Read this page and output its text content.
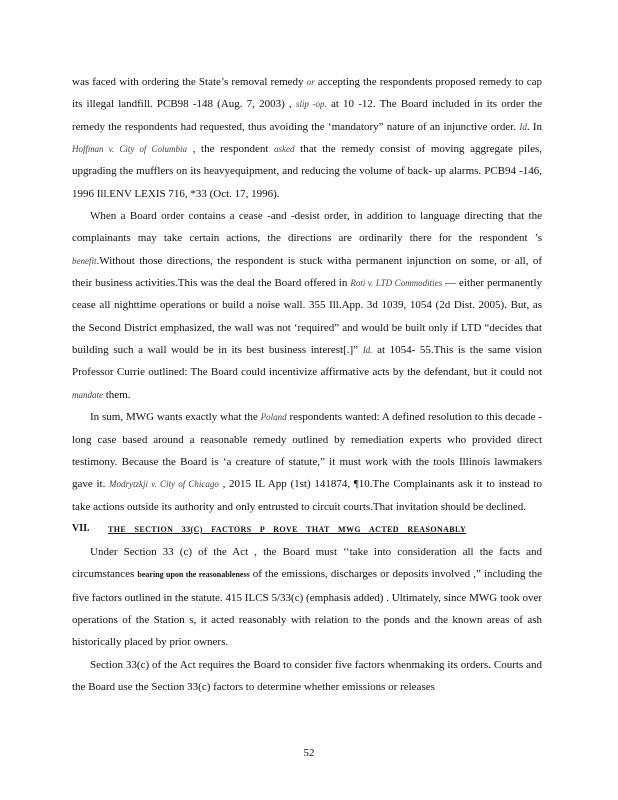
was faced with ordering the State’s removal remedy or accepting the respondents proposed remedy to cap its illegal landfill. PCB98 -148 (Aug. 7, 2003) , slip -op. at 10 -12. The Board included in its order the remedy the respondents had requested, thus avoiding the ‘mandatory” nature of an injunctive order. Id. In Hoffman v. City of Columbia , the respondent asked that the remedy consist of moving aggregate piles, upgrading the mufflers on its heavyequipment, and reducing the volume of back- up alarms. PCB94 -146, 1996 Ill.ENV LEXIS 716, *33 (Oct. 17, 1996).

When a Board order contains a cease -and -desist order, in addition to language directing that the complainants may take certain actions, the directions are ordinarily there for the respondent ’s benefit.Without those directions, the respondent is stuck witha permanent injunction on some, or all, of their business activities.This was the deal the Board offered in Roti v. LTD Commodities — either permanently cease all nighttime operations or build a noise wall. 355 Ill.App. 3d 1039, 1054 (2d Dist. 2005). But, as the Second District emphasized, the wall was not ‘required” and would be built only if LTD “decides that building such a wall would be in its best business interest[.]” Id. at 1054- 55.This is the same vision Professor Currie outlined: The Board could incentivize affirmative acts by the defendant, but it could not mandate them.

In sum, MWG wants exactly what the Poland respondents wanted: A defined resolution to this decade -long case based around a reasonable remedy outlined by remediation experts who provided direct testimony. Because the Board is ‘a creature of statute,” it must work with the tools Illinois lawmakers gave it. Modrytzkji v. City of Chicago , 2015 IL App (1st) 141874, ¶10.The Complainants ask it to instead to take actions outside its authority and only entrusted to circuit courts.That invitation should be declined.

VII.	THE SECTION 33(C) FACTORS P ROVE THAT MWG ACTED REASONABLY

Under Section 33 (c) of the Act , the Board must ‘‘take into consideration all the facts and circumstances bearing upon the reasonableness of the emissions, discharges or deposits involved ,” including the five factors outlined in the statute. 415 ILCS 5/33(c) (emphasis added) . Ultimately, since MWG took over operations of the Station s, it acted reasonably with relation to the ponds and the known areas of ash historically placed by prior owners.

Section 33(c) of the Act requires the Board to consider five factors whenmaking its orders. Courts and the Board use the Section 33(c) factors to determine whether emissions or releases

52
